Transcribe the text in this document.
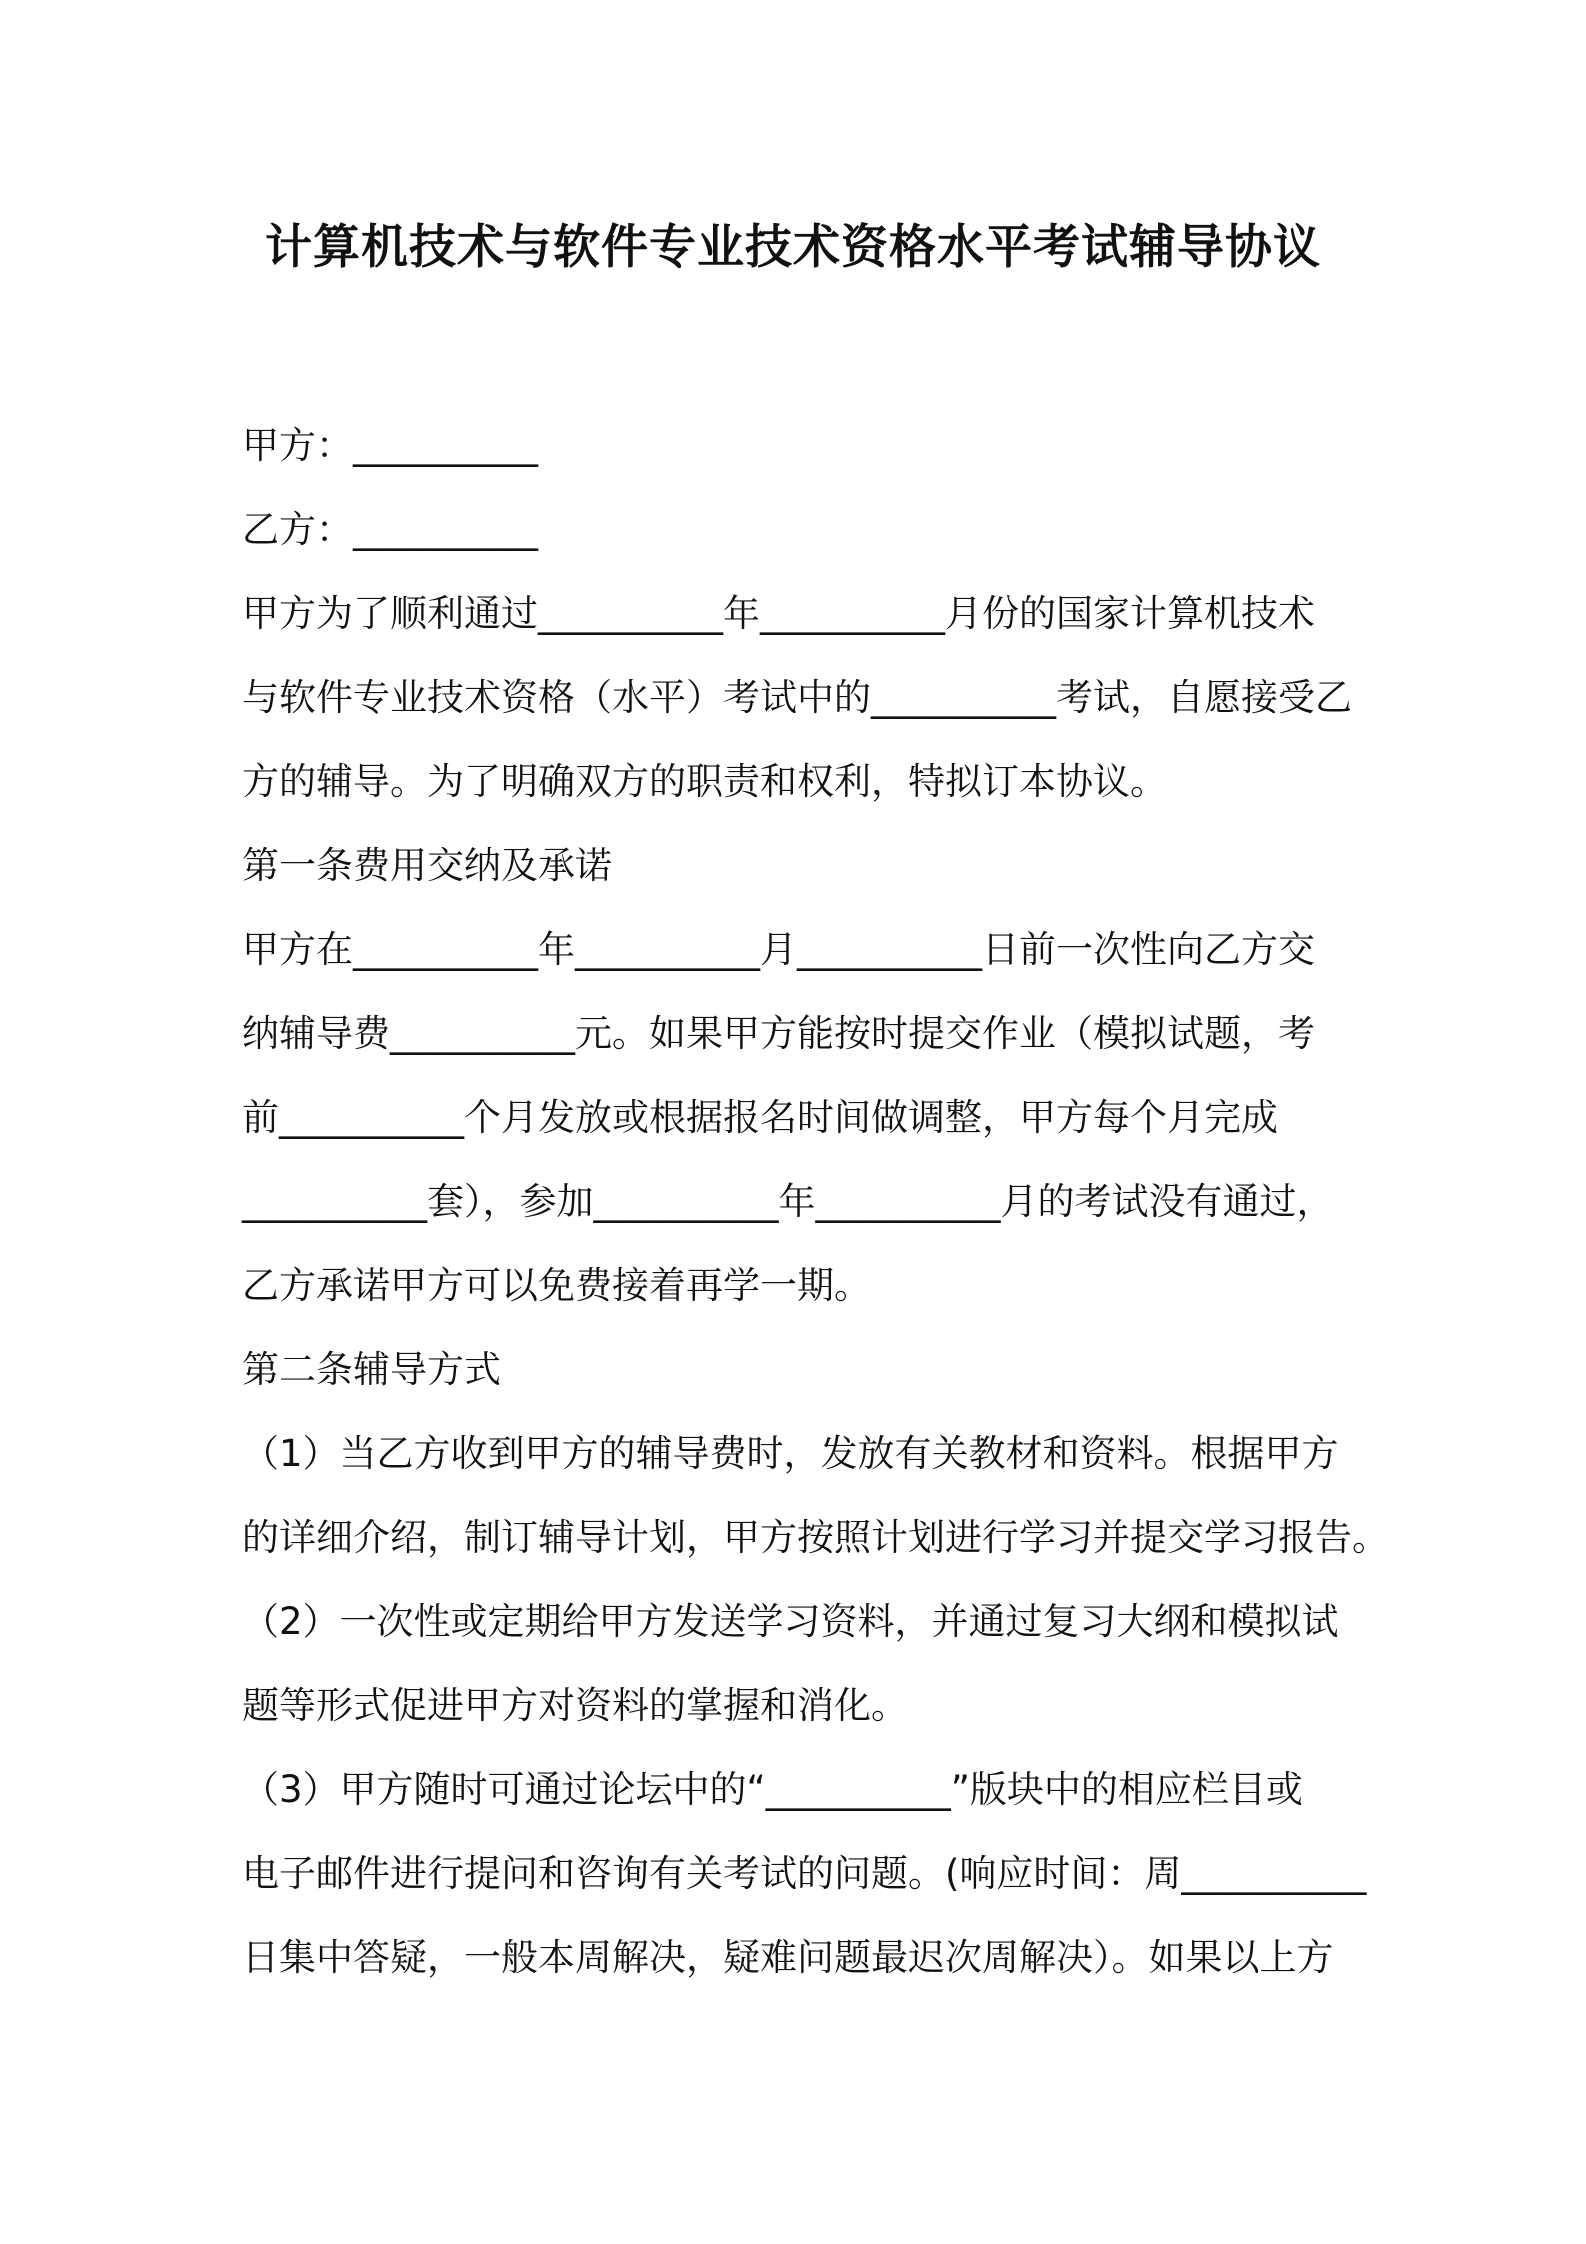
计算机技术与软件专业技术资格水平考试辅导协议
甲方：__________
乙方：__________
甲方为了顺利通过__________年__________月份的国家计算机技术
与软件专业技术资格（水平）考试中的__________考试，自愿接受乙
方的辅导。为了明确双方的职责和权利，特拟订本协议。
第一条费用交纳及承诺
甲方在__________年__________月__________日前一次性向乙方交
纳辅导费__________元。如果甲方能按时提交作业（模拟试题，考
前__________个月发放或根据报名时间做调整，甲方每个月完成
__________套），参加__________年__________月的考试没有通过，
乙方承诺甲方可以免费接着再学一期。
第二条辅导方式
（1）当乙方收到甲方的辅导费时，发放有关教材和资料。根据甲方
的详细介绍，制订辅导计划，甲方按照计划进行学习并提交学习报告。
（2）一次性或定期给甲方发送学习资料，并通过复习大纲和模拟试
题等形式促进甲方对资料的掌握和消化。
（3）甲方随时可通过论坛中的“__________”版块中的相应栏目或
电子邮件进行提问和咨询有关考试的问题。(响应时间：周__________
日集中答疑，一般本周解决，疑难问题最迟次周解决）。如果以上方
